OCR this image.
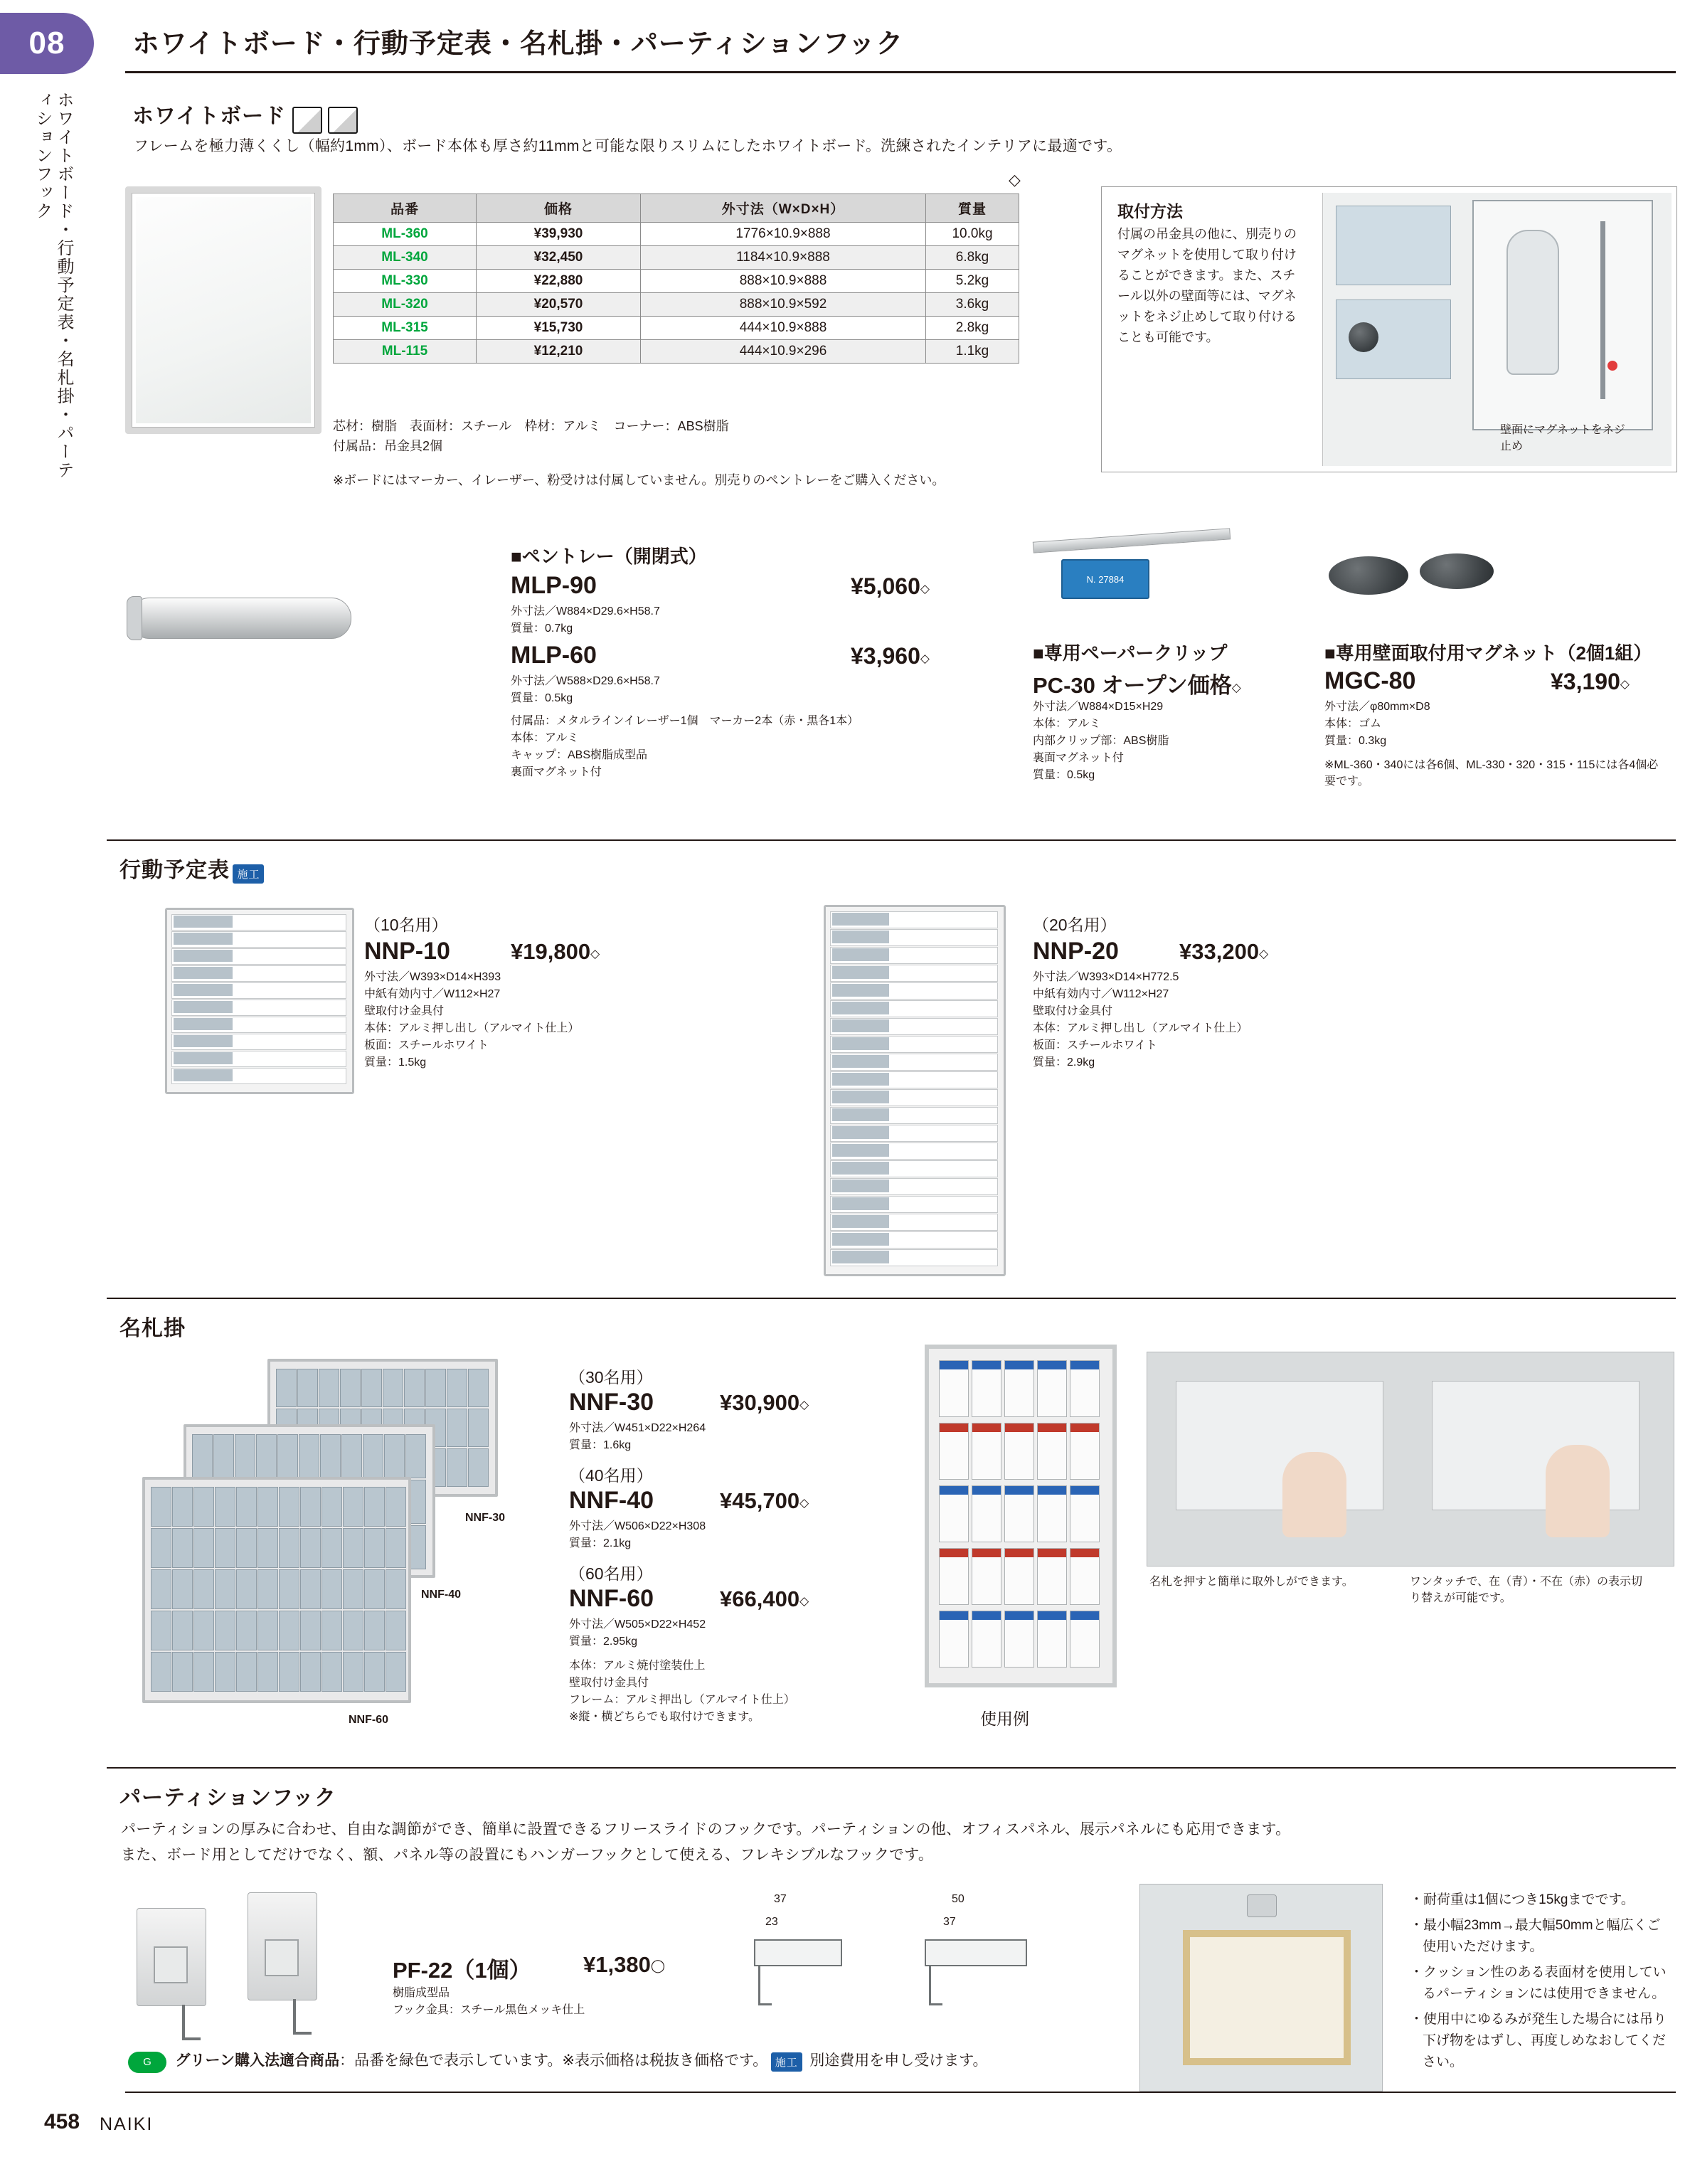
08
ホワイトボード・行動予定表・名札掛・パーティションフック
ホワイトボード・行動予定表・名札掛・パーティションフック
ホワイトボード
フレームを極力薄くくし（幅約1mm）、ボード本体も厚さ約11mmと可能な限りスリムにしたホワイトボード。洗練されたインテリアに最適です。
◇
品番	価格	外寸法（W×D×H）	質量
ML-360	¥39,930	1776×10.9×888	10.0kg
ML-340	¥32,450	1184×10.9×888	6.8kg
ML-330	¥22,880	888×10.9×888	5.2kg
ML-320	¥20,570	888×10.9×592	3.6kg
ML-315	¥15,730	444×10.9×888	2.8kg
ML-115	¥12,210	444×10.9×296	1.1kg
芯材：樹脂　表面材：スチール　枠材：アルミ　コーナー：ABS樹脂
付属品：吊金具2個
※ボードにはマーカー、イレーザー、粉受けは付属していません。別売りのペントレーをご購入ください。
取付方法
付属の吊金具の他に、別売りのマグネットを使用して取り付けることができます。また、スチール以外の壁面等には、マグネットをネジ止めして取り付けることも可能です。
壁面にマグネットをネジ止め
■ペントレー（開閉式）
MLP-90	¥5,060◇
外寸法／W884×D29.6×H58.7
質量：0.7kg
MLP-60	¥3,960◇
外寸法／W588×D29.6×H58.7
質量：0.5kg
付属品：メタルラインイレーザー1個　マーカー2本（赤・黒各1本）
本体：アルミ
キャップ：ABS樹脂成型品
裏面マグネット付
N. 27884
■専用ペーパークリップ
PC-30 オープン価格◇
外寸法／W884×D15×H29
本体：アルミ
内部クリップ部：ABS樹脂
裏面マグネット付
質量：0.5kg
■専用壁面取付用マグネット（2個1組）
MGC-80	¥3,190◇
外寸法／φ80mm×D8
本体：ゴム
質量：0.3kg
※ML-360・340には各6個、ML-330・320・315・115には各4個必要です。
行動予定表 施工
（10名用）
NNP-10	¥19,800◇
外寸法／W393×D14×H393
中紙有効内寸／W112×H27
壁取付け金具付
本体：アルミ押し出し（アルマイト仕上）
板面：スチールホワイト
質量：1.5kg
（20名用）
NNP-20	¥33,200◇
外寸法／W393×D14×H772.5
中紙有効内寸／W112×H27
壁取付け金具付
本体：アルミ押し出し（アルマイト仕上）
板面：スチールホワイト
質量：2.9kg
名札掛
NNF-30
NNF-40
NNF-60
（30名用）
NNF-30	¥30,900◇
外寸法／W451×D22×H264
質量：1.6kg
（40名用）
NNF-40	¥45,700◇
外寸法／W506×D22×H308
質量：2.1kg
（60名用）
NNF-60	¥66,400◇
外寸法／W505×D22×H452
質量：2.95kg
本体：アルミ焼付塗装仕上
壁取付け金具付
フレーム：アルミ押出し（アルマイト仕上）
※縦・横どちらでも取付けできます。	使用例
名札を押すと簡単に取外しができます。	ワンタッチで、在（青）・不在（赤）の表示切り替えが可能です。
パーティションフック
パーティションの厚みに合わせ、自由な調節ができ、簡単に設置できるフリースライドのフックです。パーティションの他、オフィスパネル、展示パネルにも応用できます。
また、ボード用としてだけでなく、額、パネル等の設置にもハンガーフックとして使える、フレキシブルなフックです。
PF-22（1個） ¥1,380◯
樹脂成型品
フック金具：スチール黒色メッキ仕上
37
23
50
37
・耐荷重は1個につき15kgまでです。
・最小幅23mm→最大幅50mmと幅広くご使用いただけます。
・クッション性のある表面材を使用しているパーティションには使用できません。
・使用中にゆるみが発生した場合には吊り下げ物をはずし、再度しめなおしてください。
G グリーン購入法適合商品：品番を緑色で表示しています。※表示価格は税抜き価格です。 施工 別途費用を申し受けます。
458 NAIKI
